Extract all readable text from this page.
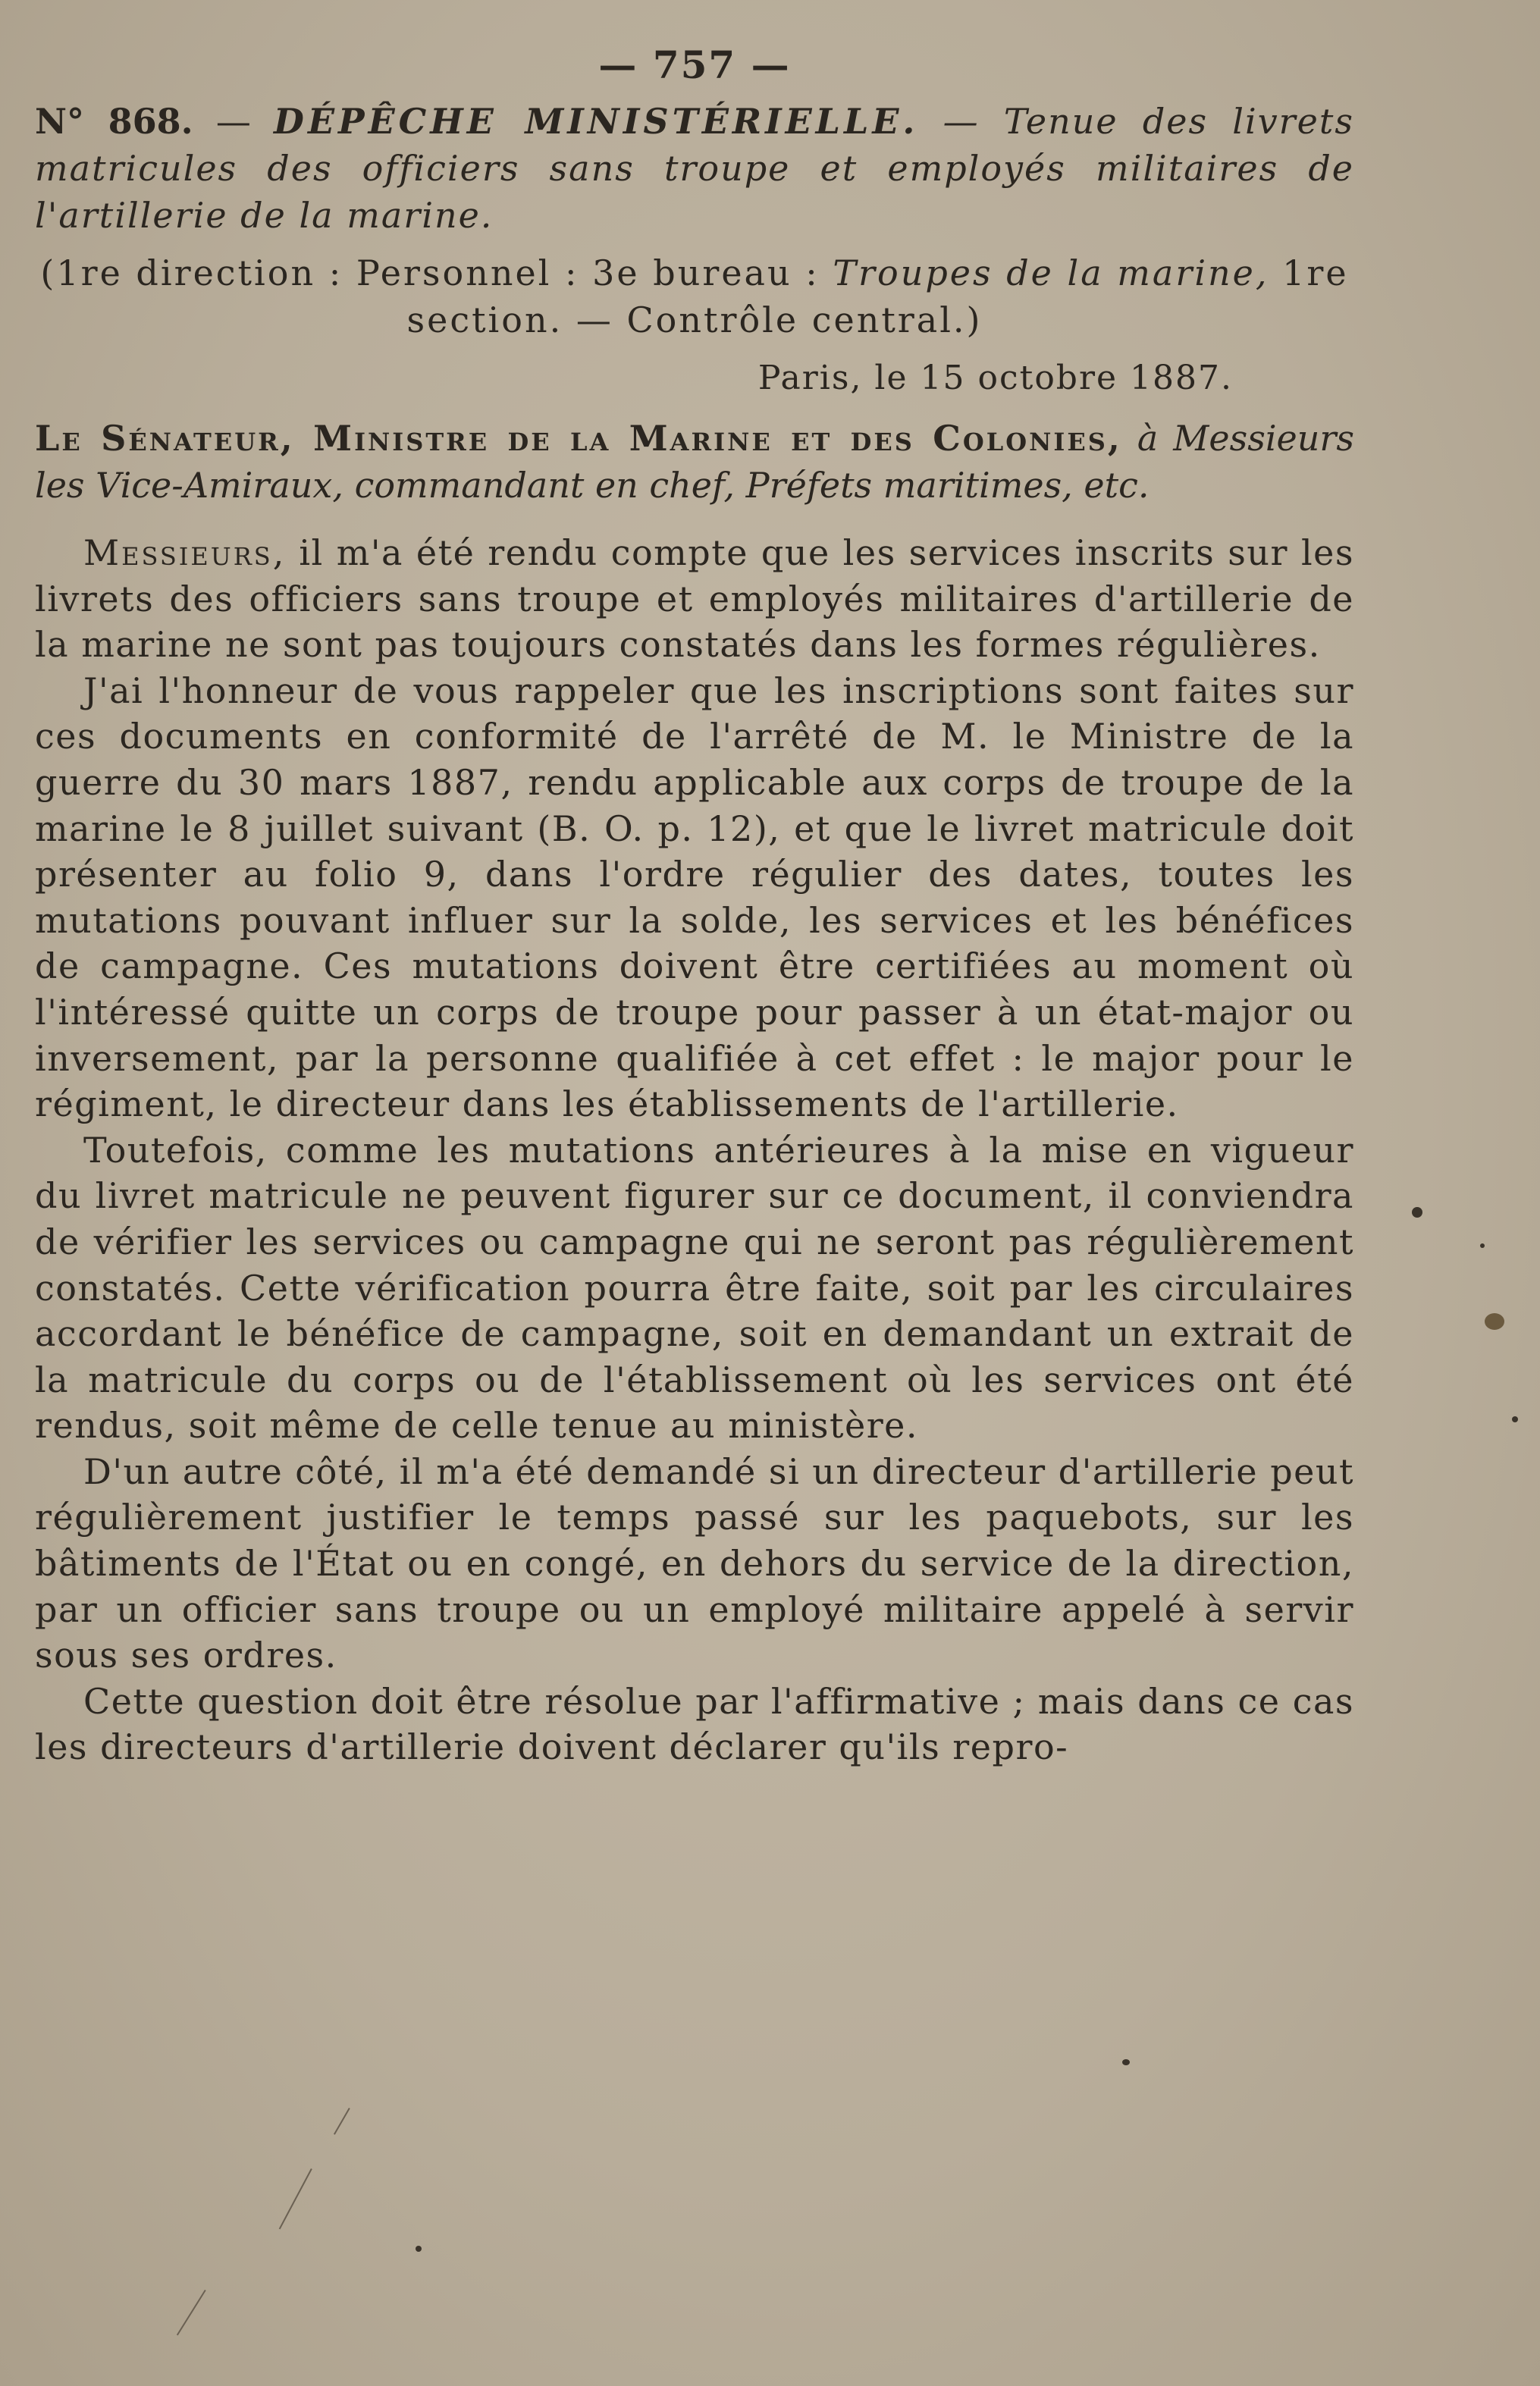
— 757 —

N° 868. — DÉPÊCHE MINISTÉRIELLE. — Tenue des livrets matricules des officiers sans troupe et employés militaires de l'artillerie de la marine.

(1re direction : Personnel : 3e bureau : Troupes de la marine, 1re section. — Contrôle central.)

Paris, le 15 octobre 1887.

Le Sénateur, Ministre de la Marine et des Colonies, à Messieurs les Vice-Amiraux, commandant en chef, Préfets maritimes, etc.

Messieurs, il m'a été rendu compte que les services inscrits sur les livrets des officiers sans troupe et employés militaires d'artillerie de la marine ne sont pas toujours constatés dans les formes régulières.

J'ai l'honneur de vous rappeler que les inscriptions sont faites sur ces documents en conformité de l'arrêté de M. le Ministre de la guerre du 30 mars 1887, rendu applicable aux corps de troupe de la marine le 8 juillet suivant (B. O. p. 12), et que le livret matricule doit présenter au folio 9, dans l'ordre régulier des dates, toutes les mutations pouvant influer sur la solde, les services et les bénéfices de campagne. Ces mutations doivent être certifiées au moment où l'intéressé quitte un corps de troupe pour passer à un état-major ou inversement, par la personne qualifiée à cet effet : le major pour le régiment, le directeur dans les établissements de l'artillerie.

Toutefois, comme les mutations antérieures à la mise en vigueur du livret matricule ne peuvent figurer sur ce document, il conviendra de vérifier les services ou campagne qui ne seront pas régulièrement constatés. Cette vérification pourra être faite, soit par les circulaires accordant le bénéfice de campagne, soit en demandant un extrait de la matricule du corps ou de l'établissement où les services ont été rendus, soit même de celle tenue au ministère.

D'un autre côté, il m'a été demandé si un directeur d'artillerie peut régulièrement justifier le temps passé sur les paquebots, sur les bâtiments de l'État ou en congé, en dehors du service de la direction, par un officier sans troupe ou un employé militaire appelé à servir sous ses ordres.

Cette question doit être résolue par l'affirmative ; mais dans ce cas les directeurs d'artillerie doivent déclarer qu'ils repro-
